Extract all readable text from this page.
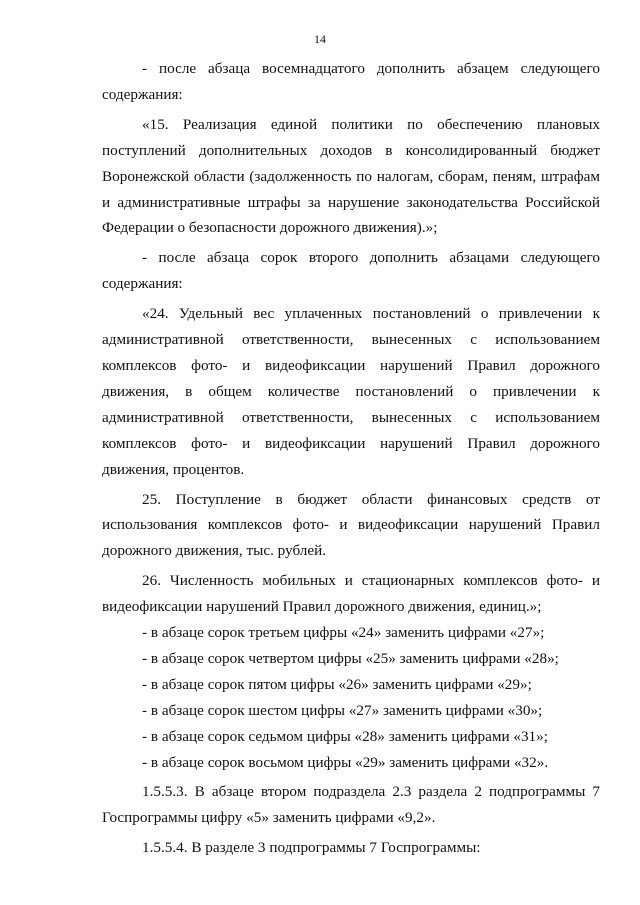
14

- после абзаца восемнадцатого дополнить абзацем следующего содержания:

«15. Реализация единой политики по обеспечению плановых поступлений дополнительных доходов в консолидированный бюджет Воронежской области (задолженность по налогам, сборам, пеням, штрафам и административные штрафы за нарушение законодательства Российской Федерации о безопасности дорожного движения).»;

- после абзаца сорок второго дополнить абзацами следующего содержания:

«24. Удельный вес уплаченных постановлений о привлечении к административной ответственности, вынесенных с использованием комплексов фото- и видеофиксации нарушений Правил дорожного движения, в общем количестве постановлений о привлечении к административной ответственности, вынесенных с использованием комплексов фото- и видеофиксации нарушений Правил дорожного движения, процентов.

25. Поступление в бюджет области финансовых средств от использования комплексов фото- и видеофиксации нарушений Правил дорожного движения, тыс. рублей.

26. Численность мобильных и стационарных комплексов фото- и видеофиксации нарушений Правил дорожного движения, единиц.»;

- в абзаце сорок третьем цифры «24» заменить цифрами «27»;

- в абзаце сорок четвертом цифры «25» заменить цифрами «28»;

- в абзаце сорок пятом цифры «26» заменить цифрами «29»;

- в абзаце сорок шестом цифры «27» заменить цифрами «30»;

- в абзаце сорок седьмом цифры «28» заменить цифрами «31»;

- в абзаце сорок восьмом цифры «29» заменить цифрами «32».

1.5.5.3. В абзаце втором подраздела 2.3 раздела 2 подпрограммы 7 Госпрограммы цифру «5» заменить цифрами «9,2».

1.5.5.4. В разделе 3 подпрограммы 7 Госпрограммы:
